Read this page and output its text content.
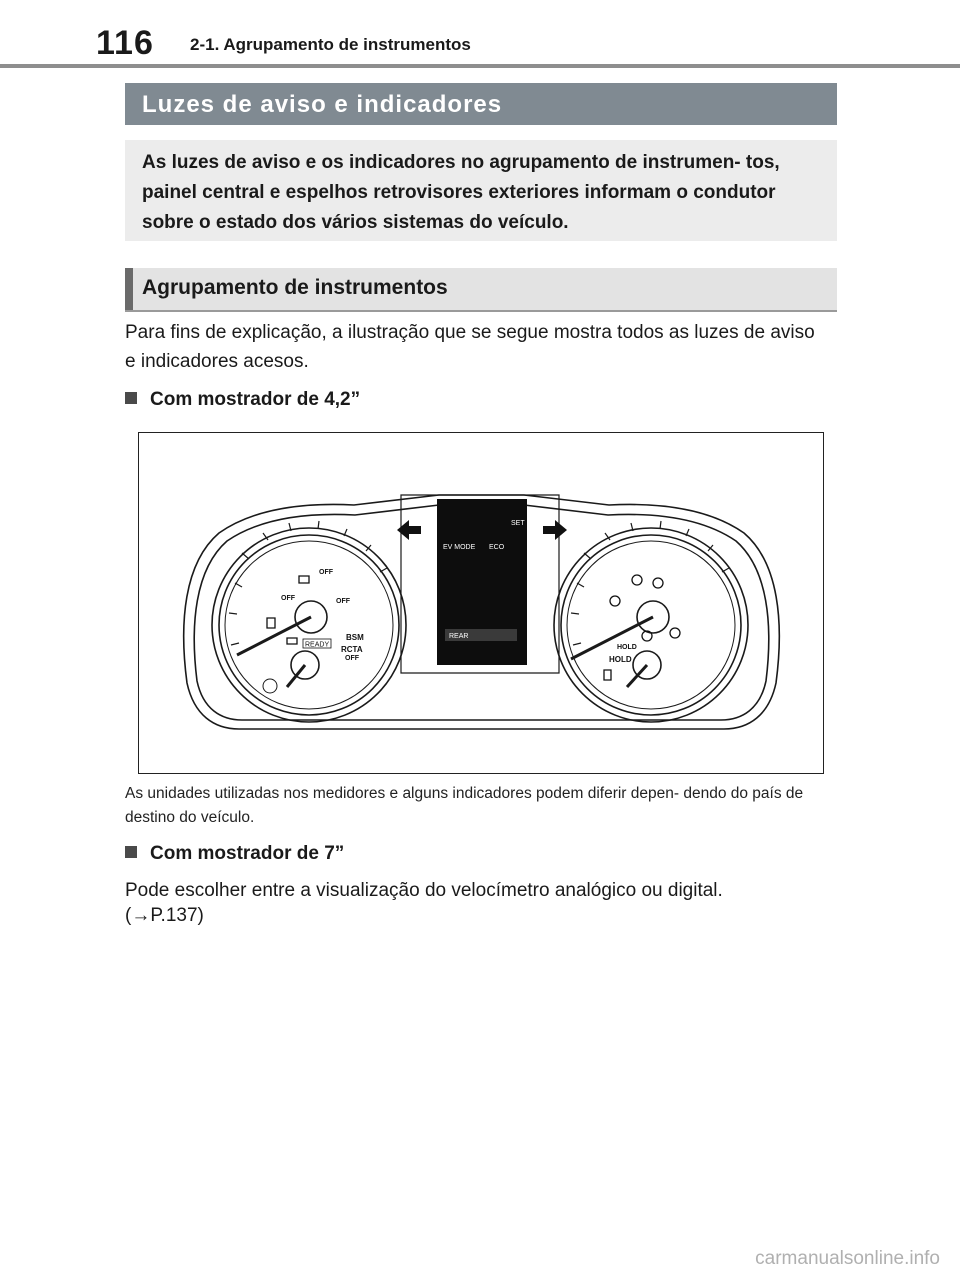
116 2-1. Agrupamento de instrumentos
Luzes de aviso e indicadores

As luzes de aviso e os indicadores no agrupamento de instrumen- tos, painel central e espelhos retrovisores exteriores informam o condutor sobre o estado dos vários sistemas do veículo.

Agrupamento de instrumentos

Para fins de explicação, a ilustração que se segue mostra todos as luzes de aviso e indicadores acesos.

Com mostrador de 4,2”
EV MODE ECO
REAR
SET
OFF
OFF
OFF
BSM
RCTA
OFF
HOLD
HOLD
READY

As unidades utilizadas nos medidores e alguns indicadores podem diferir depen- dendo do país de destino do veículo.

Com mostrador de 7”

Pode escolher entre a visualização do velocímetro analógico ou digital.

(→P.137)
carmanualsonline.info
